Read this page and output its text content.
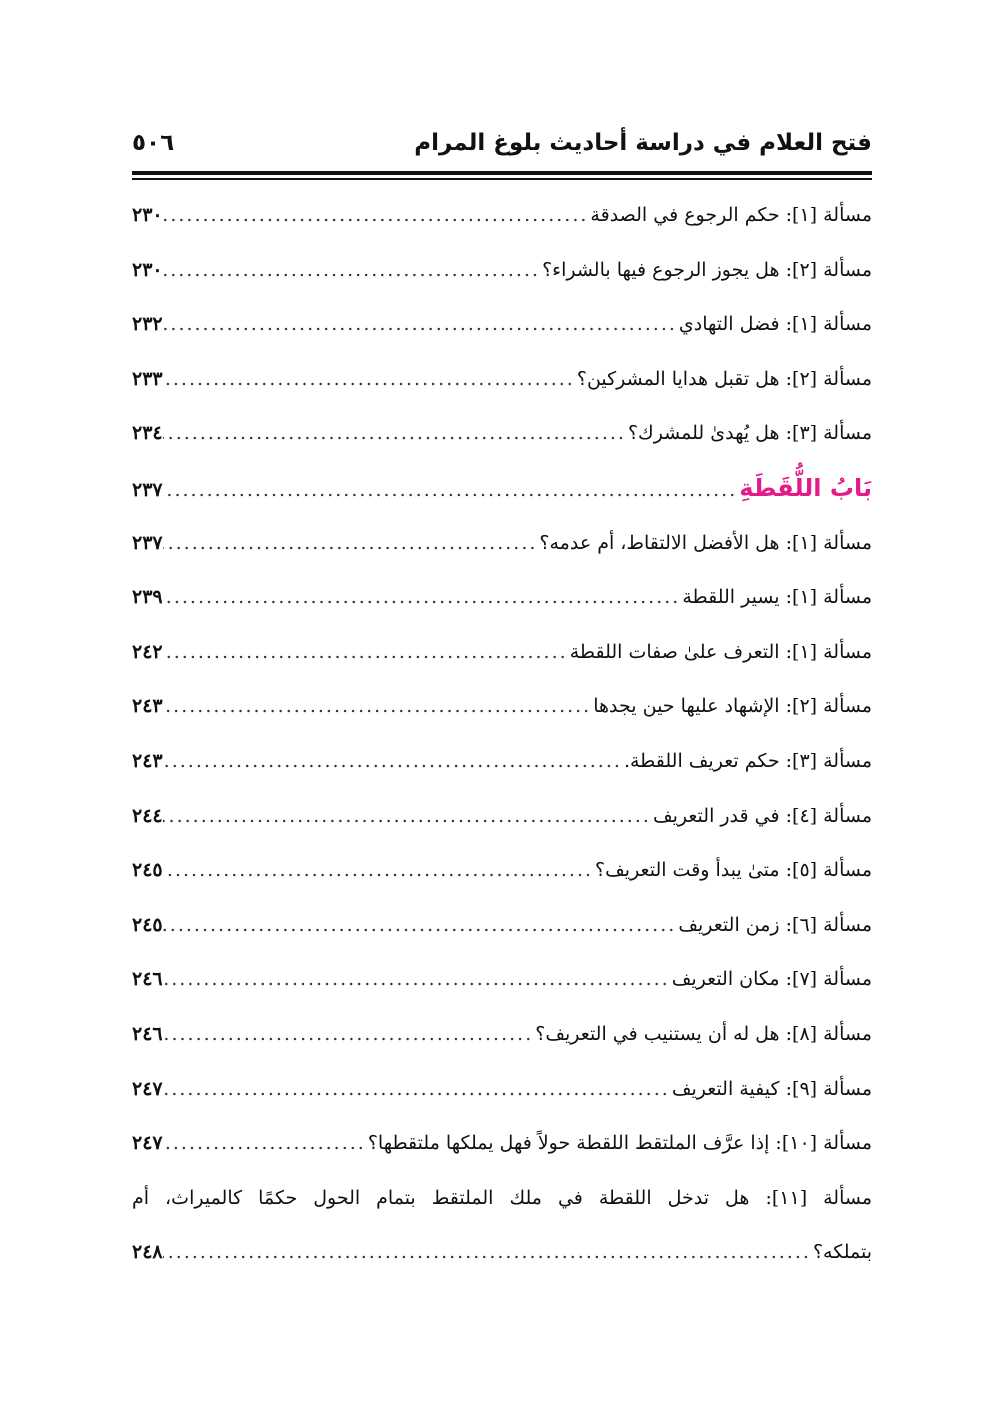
فتح العلام في دراسة أحاديث بلوغ المرام
٥٠٦
مسألة [١]: حكم الرجوع في الصدقة
.....
٢٣٠
مسألة [٢]: هل يجوز الرجوع فيها بالشراء؟
.....
٢٣٠
مسألة [١]: فضل التهادي
.....
٢٣٢
مسألة [٢]: هل تقبل هدايا المشركين؟
.....
٢٣٣
مسألة [٣]: هل يُهدىٰ للمشرك؟
.....
٢٣٤
بَابُ اللُّقَطَةِ
.....
٢٣٧
مسألة [١]: هل الأفضل الالتقاط، أم عدمه؟
.....
٢٣٧
مسألة [١]: يسير اللقطة
.....
٢٣٩
مسألة [١]: التعرف علىٰ صفات اللقطة
.....
٢٤٢
مسألة [٢]: الإشهاد عليها حين يجدها
.....
٢٤٣
مسألة [٣]: حكم تعريف اللقطة.
.....
٢٤٣
مسألة [٤]: في قدر التعريف
.....
٢٤٤
مسألة [٥]: متىٰ يبدأ وقت التعريف؟
.....
٢٤٥
مسألة [٦]: زمن التعريف
.....
٢٤٥
مسألة [٧]: مكان التعريف
.....
٢٤٦
مسألة [٨]: هل له أن يستنيب في التعريف؟
.....
٢٤٦
مسألة [٩]: كيفية التعريف
.....
٢٤٧
مسألة [١٠]: إذا عرَّف الملتقط اللقطة حولاً فهل يملكها ملتقطها؟
.....
٢٤٧
مسألة [١١]: هل تدخل اللقطة في ملك الملتقط بتمام الحول حكمًا كالميراث، أم
بتملكه؟
.....
٢٤٨
